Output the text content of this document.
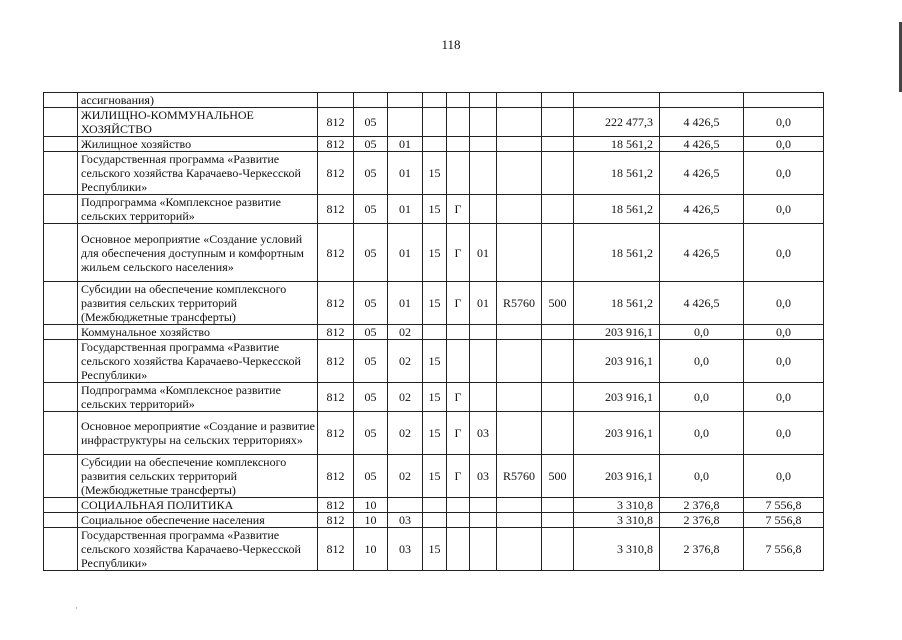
118
	ассигнования)											
	ЖИЛИЩНО-КОММУНАЛЬНОЕ ХОЗЯЙСТВО	812	05							222 477,3	4 426,5	0,0
	Жилищное хозяйство	812	05	01						18 561,2	4 426,5	0,0
	Государственная программа «Развитие сельского хозяйства Карачаево-Черкесской Республики»	812	05	01	15					18 561,2	4 426,5	0,0
	Подпрограмма «Комплексное развитие сельских территорий»	812	05	01	15	Г				18 561,2	4 426,5	0,0
	Основное мероприятие «Создание условий для обеспечения доступным и комфортным жильем сельского населения»	812	05	01	15	Г	01			18 561,2	4 426,5	0,0
	Субсидии на обеспечение комплексного развития сельских территорий (Межбюджетные трансферты)	812	05	01	15	Г	01	R5760	500	18 561,2	4 426,5	0,0
	Коммунальное хозяйство	812	05	02						203 916,1	0,0	0,0
	Государственная программа «Развитие сельского хозяйства Карачаево-Черкесской Республики»	812	05	02	15					203 916,1	0,0	0,0
	Подпрограмма «Комплексное развитие сельских территорий»	812	05	02	15	Г				203 916,1	0,0	0,0
	Основное мероприятие «Создание и развитие инфраструктуры на сельских территориях»	812	05	02	15	Г	03			203 916,1	0,0	0,0
	Субсидии на обеспечение комплексного развития сельских территорий (Межбюджетные трансферты)	812	05	02	15	Г	03	R5760	500	203 916,1	0,0	0,0
	СОЦИАЛЬНАЯ ПОЛИТИКА	812	10							3 310,8	2 376,8	7 556,8
	Социальное обеспечение населения	812	10	03						3 310,8	2 376,8	7 556,8
	Государственная программа «Развитие сельского хозяйства Карачаево-Черкесской Республики»	812	10	03	15					3 310,8	2 376,8	7 556,8
·
